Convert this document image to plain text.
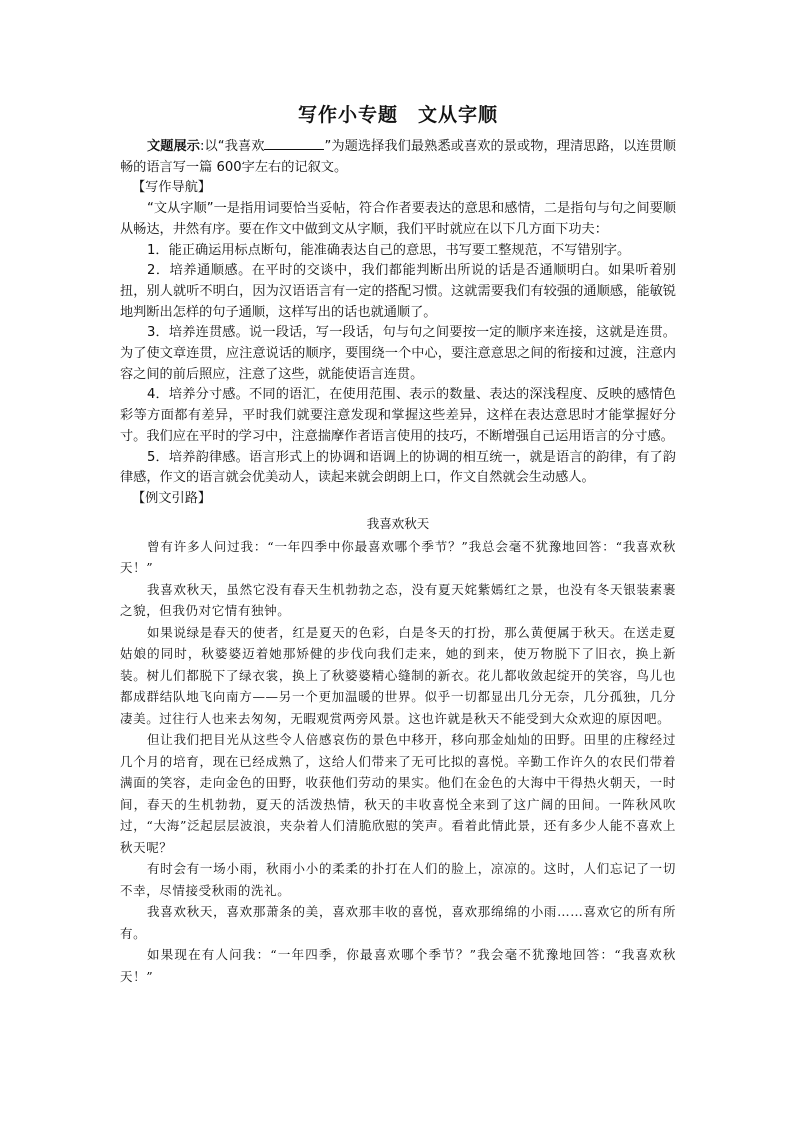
写作小专题 文从字顺

文题展示:以“我喜欢	”为题选择我们最熟悉或喜欢的景或物，理清思路，以连贯顺畅的语言写一篇 600字左右的记叙文。

【写作导航】

“文从字顺”一是指用词要恰当妥帖，符合作者要表达的意思和感情，二是指句与句之间要顺从畅达，井然有序。要在作文中做到文从字顺，我们平时就应在以下几方面下功夫：

1．能正确运用标点断句，能准确表达自己的意思，书写要工整规范，不写错别字。

2．培养通顺感。在平时的交谈中，我们都能判断出所说的话是否通顺明白。如果听着别扭，别人就听不明白，因为汉语语言有一定的搭配习惯。这就需要我们有较强的通顺感，能敏锐地判断出怎样的句子通顺，这样写出的话也就通顺了。

3．培养连贯感。说一段话，写一段话，句与句之间要按一定的顺序来连接，这就是连贯。为了使文章连贯，应注意说话的顺序，要围绕一个中心，要注意意思之间的衔接和过渡，注意内容之间的前后照应，注意了这些，就能使语言连贯。

4．培养分寸感。不同的语汇，在使用范围、表示的数量、表达的深浅程度、反映的感情色彩等方面都有差异，平时我们就要注意发现和掌握这些差异，这样在表达意思时才能掌握好分寸。我们应在平时的学习中，注意揣摩作者语言使用的技巧，不断增强自己运用语言的分寸感。

5．培养韵律感。语言形式上的协调和语调上的协调的相互统一，就是语言的韵律，有了韵律感，作文的语言就会优美动人，读起来就会朗朗上口，作文自然就会生动感人。

【例文引路】

我喜欢秋天

曾有许多人问过我：“一年四季中你最喜欢哪个季节？”我总会毫不犹豫地回答：“我喜欢秋天！”

我喜欢秋天，虽然它没有春天生机勃勃之态，没有夏天姹紫嫣红之景，也没有冬天银装素裹之貌，但我仍对它情有独钟。

如果说绿是春天的使者，红是夏天的色彩，白是冬天的打扮，那么黄便属于秋天。在送走夏姑娘的同时，秋婆婆迈着她那矫健的步伐向我们走来，她的到来，使万物脱下了旧衣，换上新装。树儿们都脱下了绿衣裳，换上了秋婆婆精心缝制的新衣。花儿都收敛起绽开的笑容，鸟儿也都成群结队地飞向南方——另一个更加温暖的世界。似乎一切都显出几分无奈，几分孤独，几分凄美。过往行人也来去匆匆，无暇观赏两旁风景。这也许就是秋天不能受到大众欢迎的原因吧。

但让我们把目光从这些令人倍感哀伤的景色中移开，移向那金灿灿的田野。田里的庄稼经过几个月的培育，现在已经成熟了，这给人们带来了无可比拟的喜悦。辛勤工作许久的农民们带着满面的笑容，走向金色的田野，收获他们劳动的果实。他们在金色的大海中干得热火朝天，一时间，春天的生机勃勃，夏天的活泼热情，秋天的丰收喜悦全来到了这广阔的田间。一阵秋风吹过，“大海”泛起层层波浪，夹杂着人们清脆欣慰的笑声。看着此情此景，还有多少人能不喜欢上秋天呢？

有时会有一场小雨，秋雨小小的柔柔的扑打在人们的脸上，凉凉的。这时，人们忘记了一切不幸，尽情接受秋雨的洗礼。

我喜欢秋天，喜欢那萧条的美，喜欢那丰收的喜悦，喜欢那绵绵的小雨……喜欢它的所有所有。

如果现在有人问我：“一年四季，你最喜欢哪个季节？”我会毫不犹豫地回答：“我喜欢秋天！”
